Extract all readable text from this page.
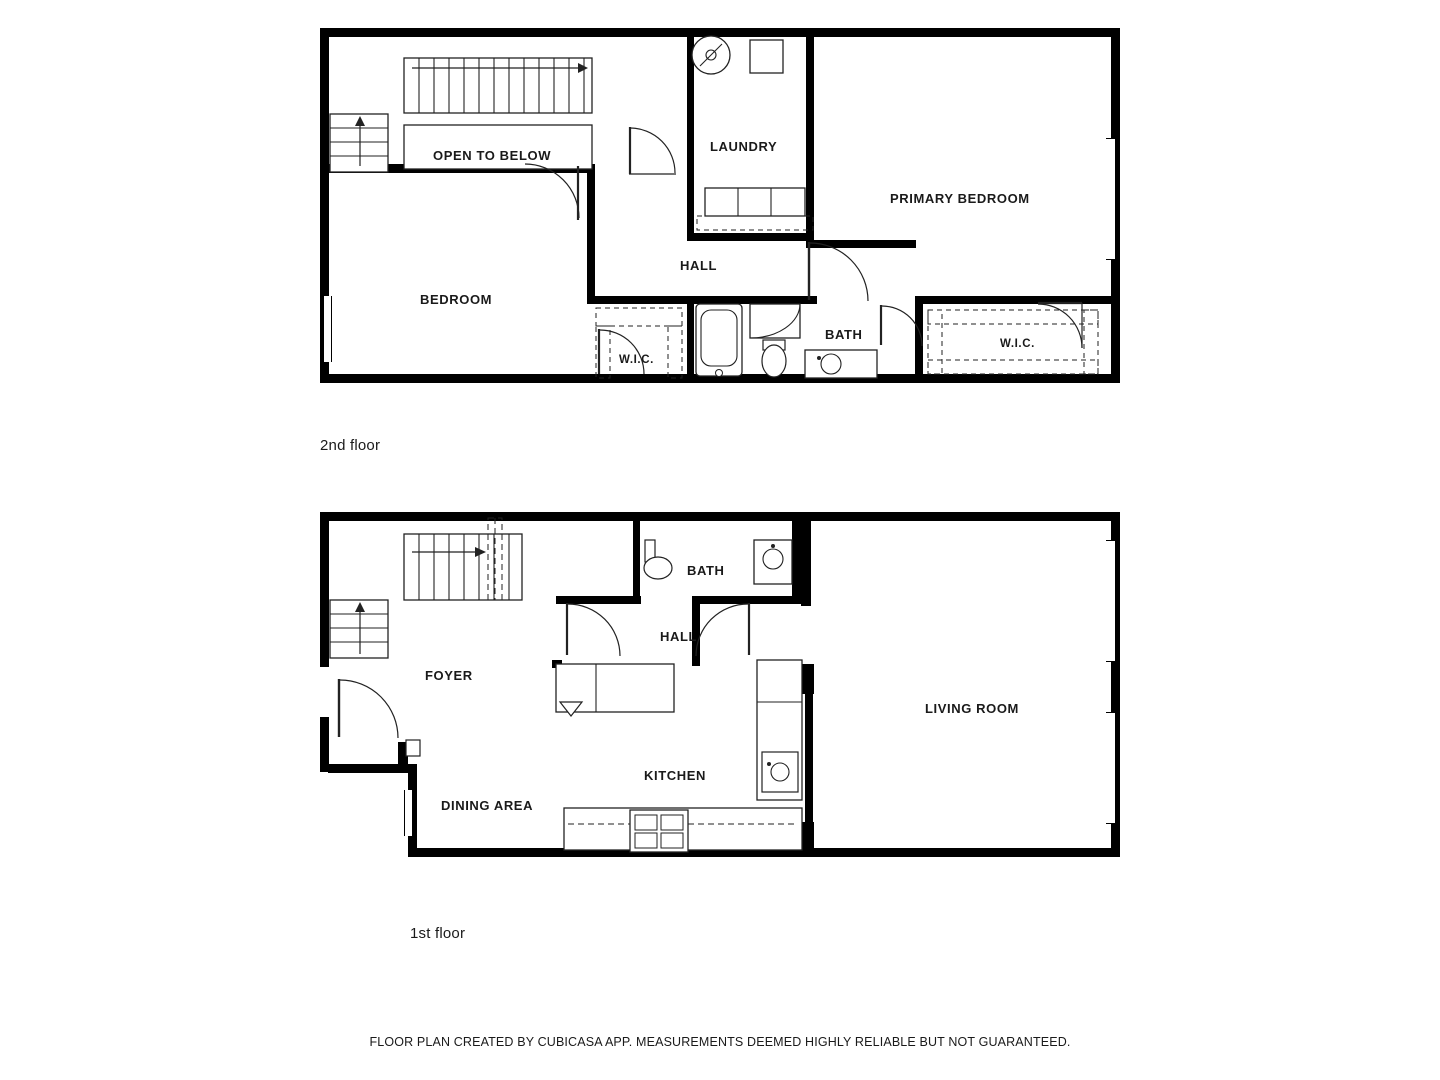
OPEN TO BELOW
LAUNDRY
PRIMARY BEDROOM
HALL
BEDROOM
W.I.C.
BATH
W.I.C.
2nd floor
BATH
HALL
FOYER
LIVING ROOM
KITCHEN
DINING AREA
1st floor
FLOOR PLAN CREATED BY CUBICASA APP. MEASUREMENTS DEEMED HIGHLY RELIABLE BUT NOT GUARANTEED.
